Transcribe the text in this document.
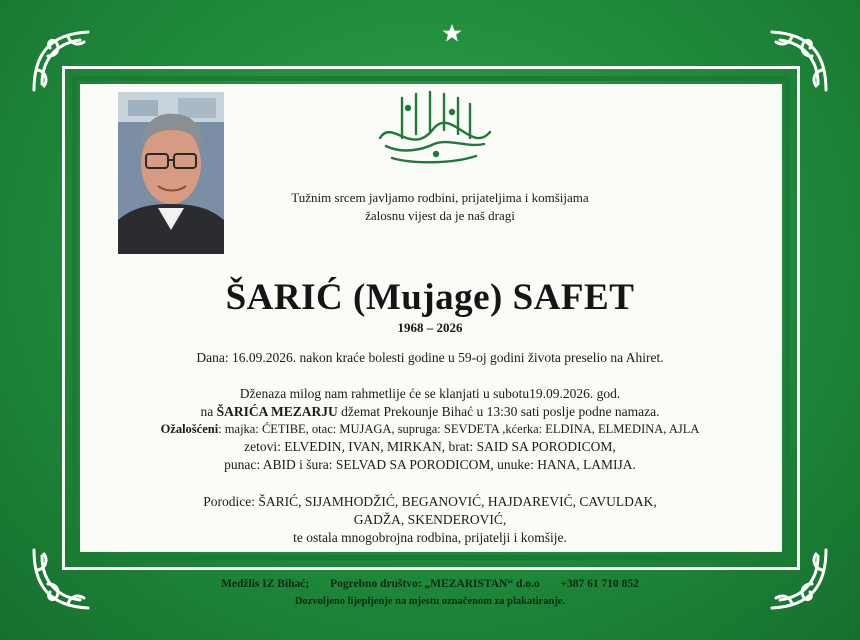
Tužnim srcem javljamo rodbini, prijateljima i komšijama
žalosnu vijest da je naš dragi
ŠARIĆ (Mujage) SAFET
1968 – 2026
Dana: 16.09.2026. nakon kraće bolesti godine u 59-oj godini života preselio na Ahiret.
Dženaza milog nam rahmetlije će se klanjati u subotu19.09.2026. god.
na ŠARIĆA MEZARJU džemat Prekounje Bihać u 13:30 sati poslje podne namaza.
Ožalošćeni: majka: ĆETIBE, otac: MUJAGA, supruga: SEVDETA ,kćerka: ELDINA, ELMEDINA, AJLA
zetovi: ELVEDIN, IVAN, MIRKAN, brat: SAID SA PORODICOM,
punac: ABID i šura: SELVAD SA PORODICOM, unuke: HANA, LAMIJA.
Porodice: ŠARIĆ, SIJAMHODŽIĆ, BEGANOVIĆ, HAJDAREVIĆ, CAVULDAK,
GADŽA, SKENDEROVIĆ,
te ostala mnogobrojna rodbina, prijatelji i komšije.
Medžlis IZ Bihać; Pogrebno društvo: „MEZARISTAN“ d.o.o +387 61 710 852
Dozvoljeno lijepljenje na mjestu označenom za plakatiranje.
